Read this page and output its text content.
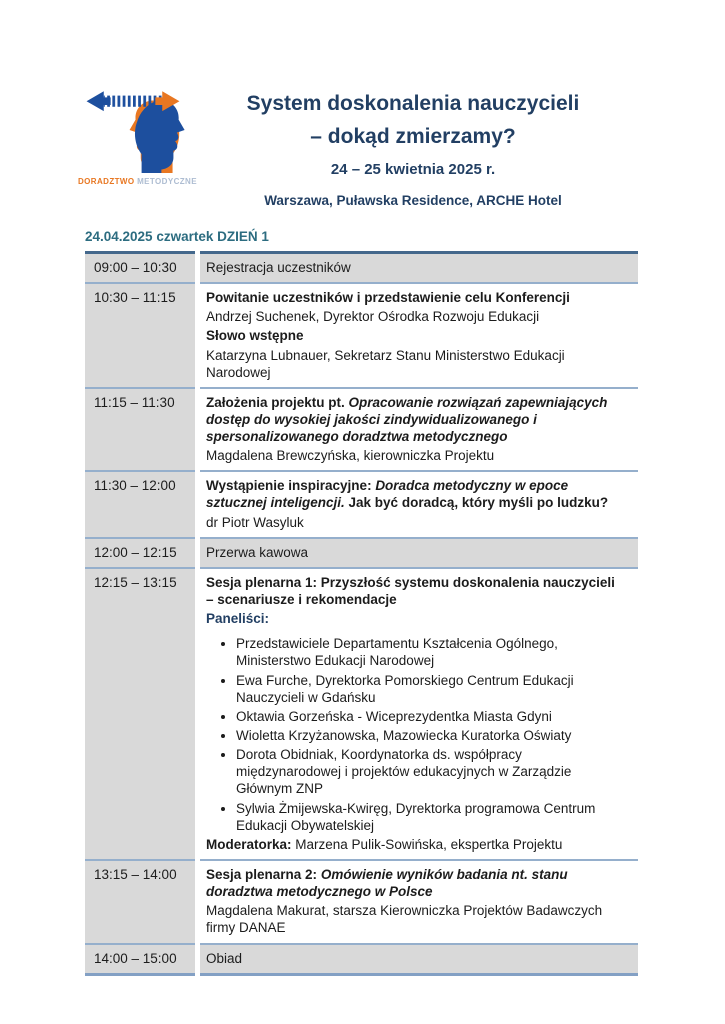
DORADZTWO METODYCZNE
System doskonalenia nauczycieli
– dokąd zmierzamy?
24 – 25 kwietnia 2025 r.
Warszawa, Puławska Residence, ARCHE Hotel
24.04.2025 czwartek DZIEŃ 1
09:00 – 10:30	Rejestracja uczestników
10:30 – 11:15	Powitanie uczestników i przedstawienie celu Konferencji
Andrzej Suchenek, Dyrektor Ośrodka Rozwoju Edukacji
Słowo wstępne
Katarzyna Lubnauer, Sekretarz Stanu Ministerstwo Edukacji Narodowej
11:15 – 11:30	Założenia projektu pt. Opracowanie rozwiązań zapewniających dostęp do wysokiej jakości zindywidualizowanego i spersonalizowanego doradztwa metodycznego
Magdalena Brewczyńska, kierowniczka Projektu
11:30 – 12:00	Wystąpienie inspiracyjne: Doradca metodyczny w epoce sztucznej inteligencji. Jak być doradcą, który myśli po ludzku?
dr Piotr Wasyluk
12:00 – 12:15	Przerwa kawowa
12:15 – 13:15	Sesja plenarna 1: Przyszłość systemu doskonalenia nauczycieli – scenariusze i rekomendacje
Paneliści:
• Przedstawiciele Departamentu Kształcenia Ogólnego, Ministerstwo Edukacji Narodowej
• Ewa Furche, Dyrektorka Pomorskiego Centrum Edukacji Nauczycieli w Gdańsku
• Oktawia Gorzeńska - Wiceprezydentka Miasta Gdyni
• Wioletta Krzyżanowska, Mazowiecka Kuratorka Oświaty
• Dorota Obidniak, Koordynatorka ds. współpracy międzynarodowej i projektów edukacyjnych w Zarządzie Głównym ZNP
• Sylwia Żmijewska-Kwiręg, Dyrektorka programowa Centrum Edukacji Obywatelskiej
Moderatorka: Marzena Pulik-Sowińska, ekspertka Projektu
13:15 – 14:00	Sesja plenarna 2: Omówienie wyników badania nt. stanu doradztwa metodycznego w Polsce
Magdalena Makurat, starsza Kierowniczka Projektów Badawczych firmy DANAE
14:00 – 15:00	Obiad
